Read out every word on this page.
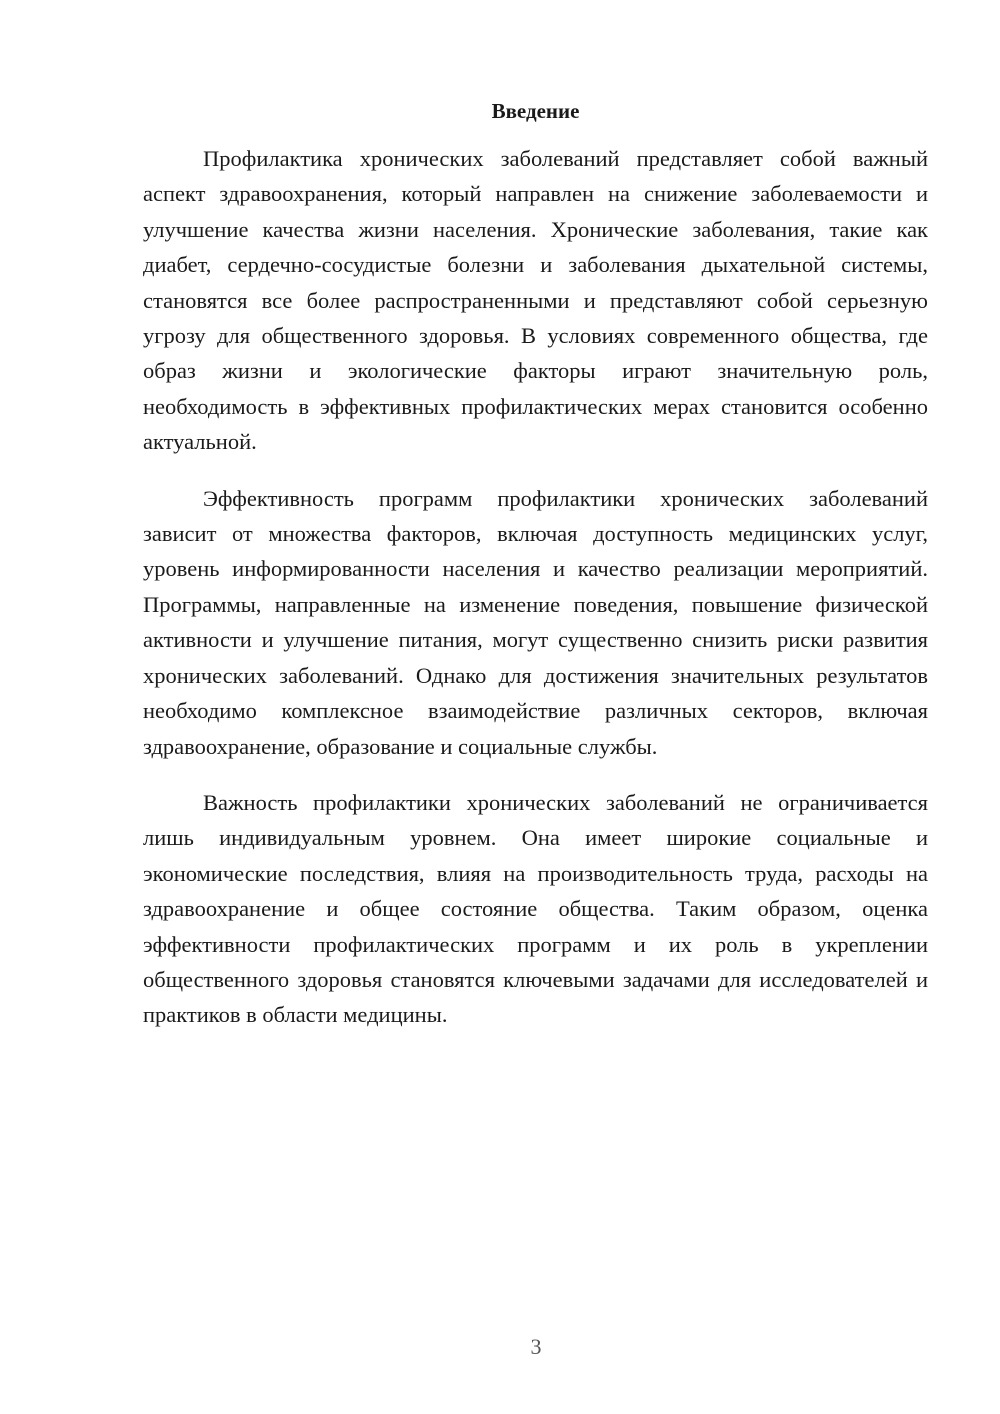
Введение

Профилактика хронических заболеваний представляет собой важный аспект здравоохранения, который направлен на снижение заболеваемости и улучшение качества жизни населения. Хронические заболевания, такие как диабет, сердечно-сосудистые болезни и заболевания дыхательной системы, становятся все более распространенными и представляют собой серьезную угрозу для общественного здоровья. В условиях современного общества, где образ жизни и экологические факторы играют значительную роль, необходимость в эффективных профилактических мерах становится особенно актуальной.

Эффективность программ профилактики хронических заболеваний зависит от множества факторов, включая доступность медицинских услуг, уровень информированности населения и качество реализации мероприятий. Программы, направленные на изменение поведения, повышение физической активности и улучшение питания, могут существенно снизить риски развития хронических заболеваний. Однако для достижения значительных результатов необходимо комплексное взаимодействие различных секторов, включая здравоохранение, образование и социальные службы.

Важность профилактики хронических заболеваний не ограничивается лишь индивидуальным уровнем. Она имеет широкие социальные и экономические последствия, влияя на производительность труда, расходы на здравоохранение и общее состояние общества. Таким образом, оценка эффективности профилактических программ и их роль в укреплении общественного здоровья становятся ключевыми задачами для исследователей и практиков в области медицины.

3
